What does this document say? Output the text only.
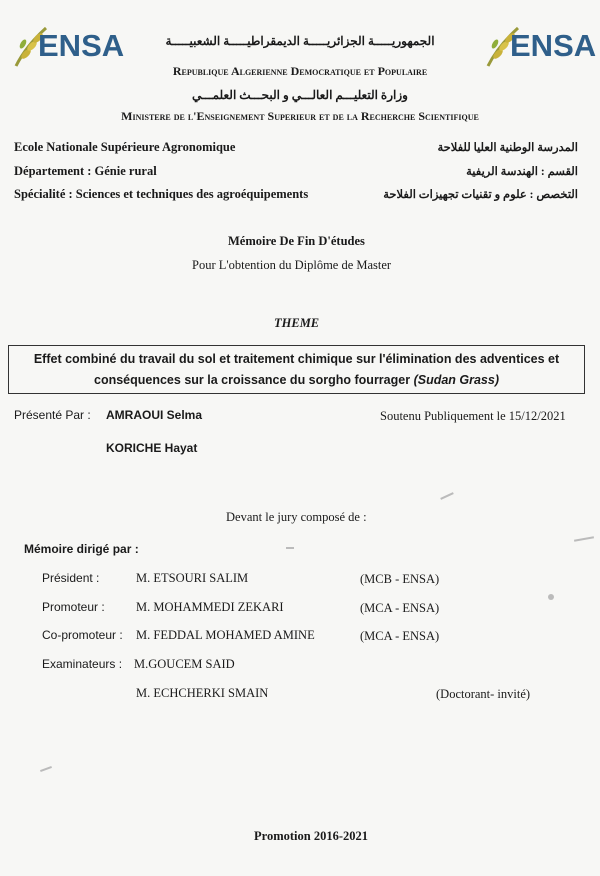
ENSA	ENSA
الجمهوريـــــة الجزائريـــــة الديمقراطيـــــة الشعبيـــــة
Republique Algerienne Democratique et Populaire
وزارة التعليـــم العالـــي و البحـــث العلمـــي
Ministere de l'Enseignement Superieur et de la Recherche Scientifique
Ecole Nationale Supérieure Agronomique	المدرسة الوطنية العليا للفلاحة
Département : Génie rural	القسم : الهندسة الريفية
Spécialité : Sciences et techniques des agroéquipements	التخصص : علوم و تقنيات تجهيزات الفلاحة
Mémoire De Fin D'études
Pour L'obtention du Diplôme de Master
THEME
Effet combiné du travail du sol et traitement chimique sur l'élimination des adventices et
conséquences sur la croissance du sorgho fourrager (Sudan Grass)
Présenté Par : AMRAOUI Selma	Soutenu Publiquement le 15/12/2021
KORICHE Hayat
Devant le jury composé de :
Mémoire dirigé par :
Président :	M. ETSOURI SALIM	(MCB - ENSA)
Promoteur :	M. MOHAMMEDI ZEKARI	(MCA - ENSA)
Co-promoteur : M. FEDDAL MOHAMED AMINE	(MCA - ENSA)
Examinateurs : M.GOUCEM SAID
M. ECHCHERKI SMAIN	(Doctorant- invité)
Promotion 2016-2021
